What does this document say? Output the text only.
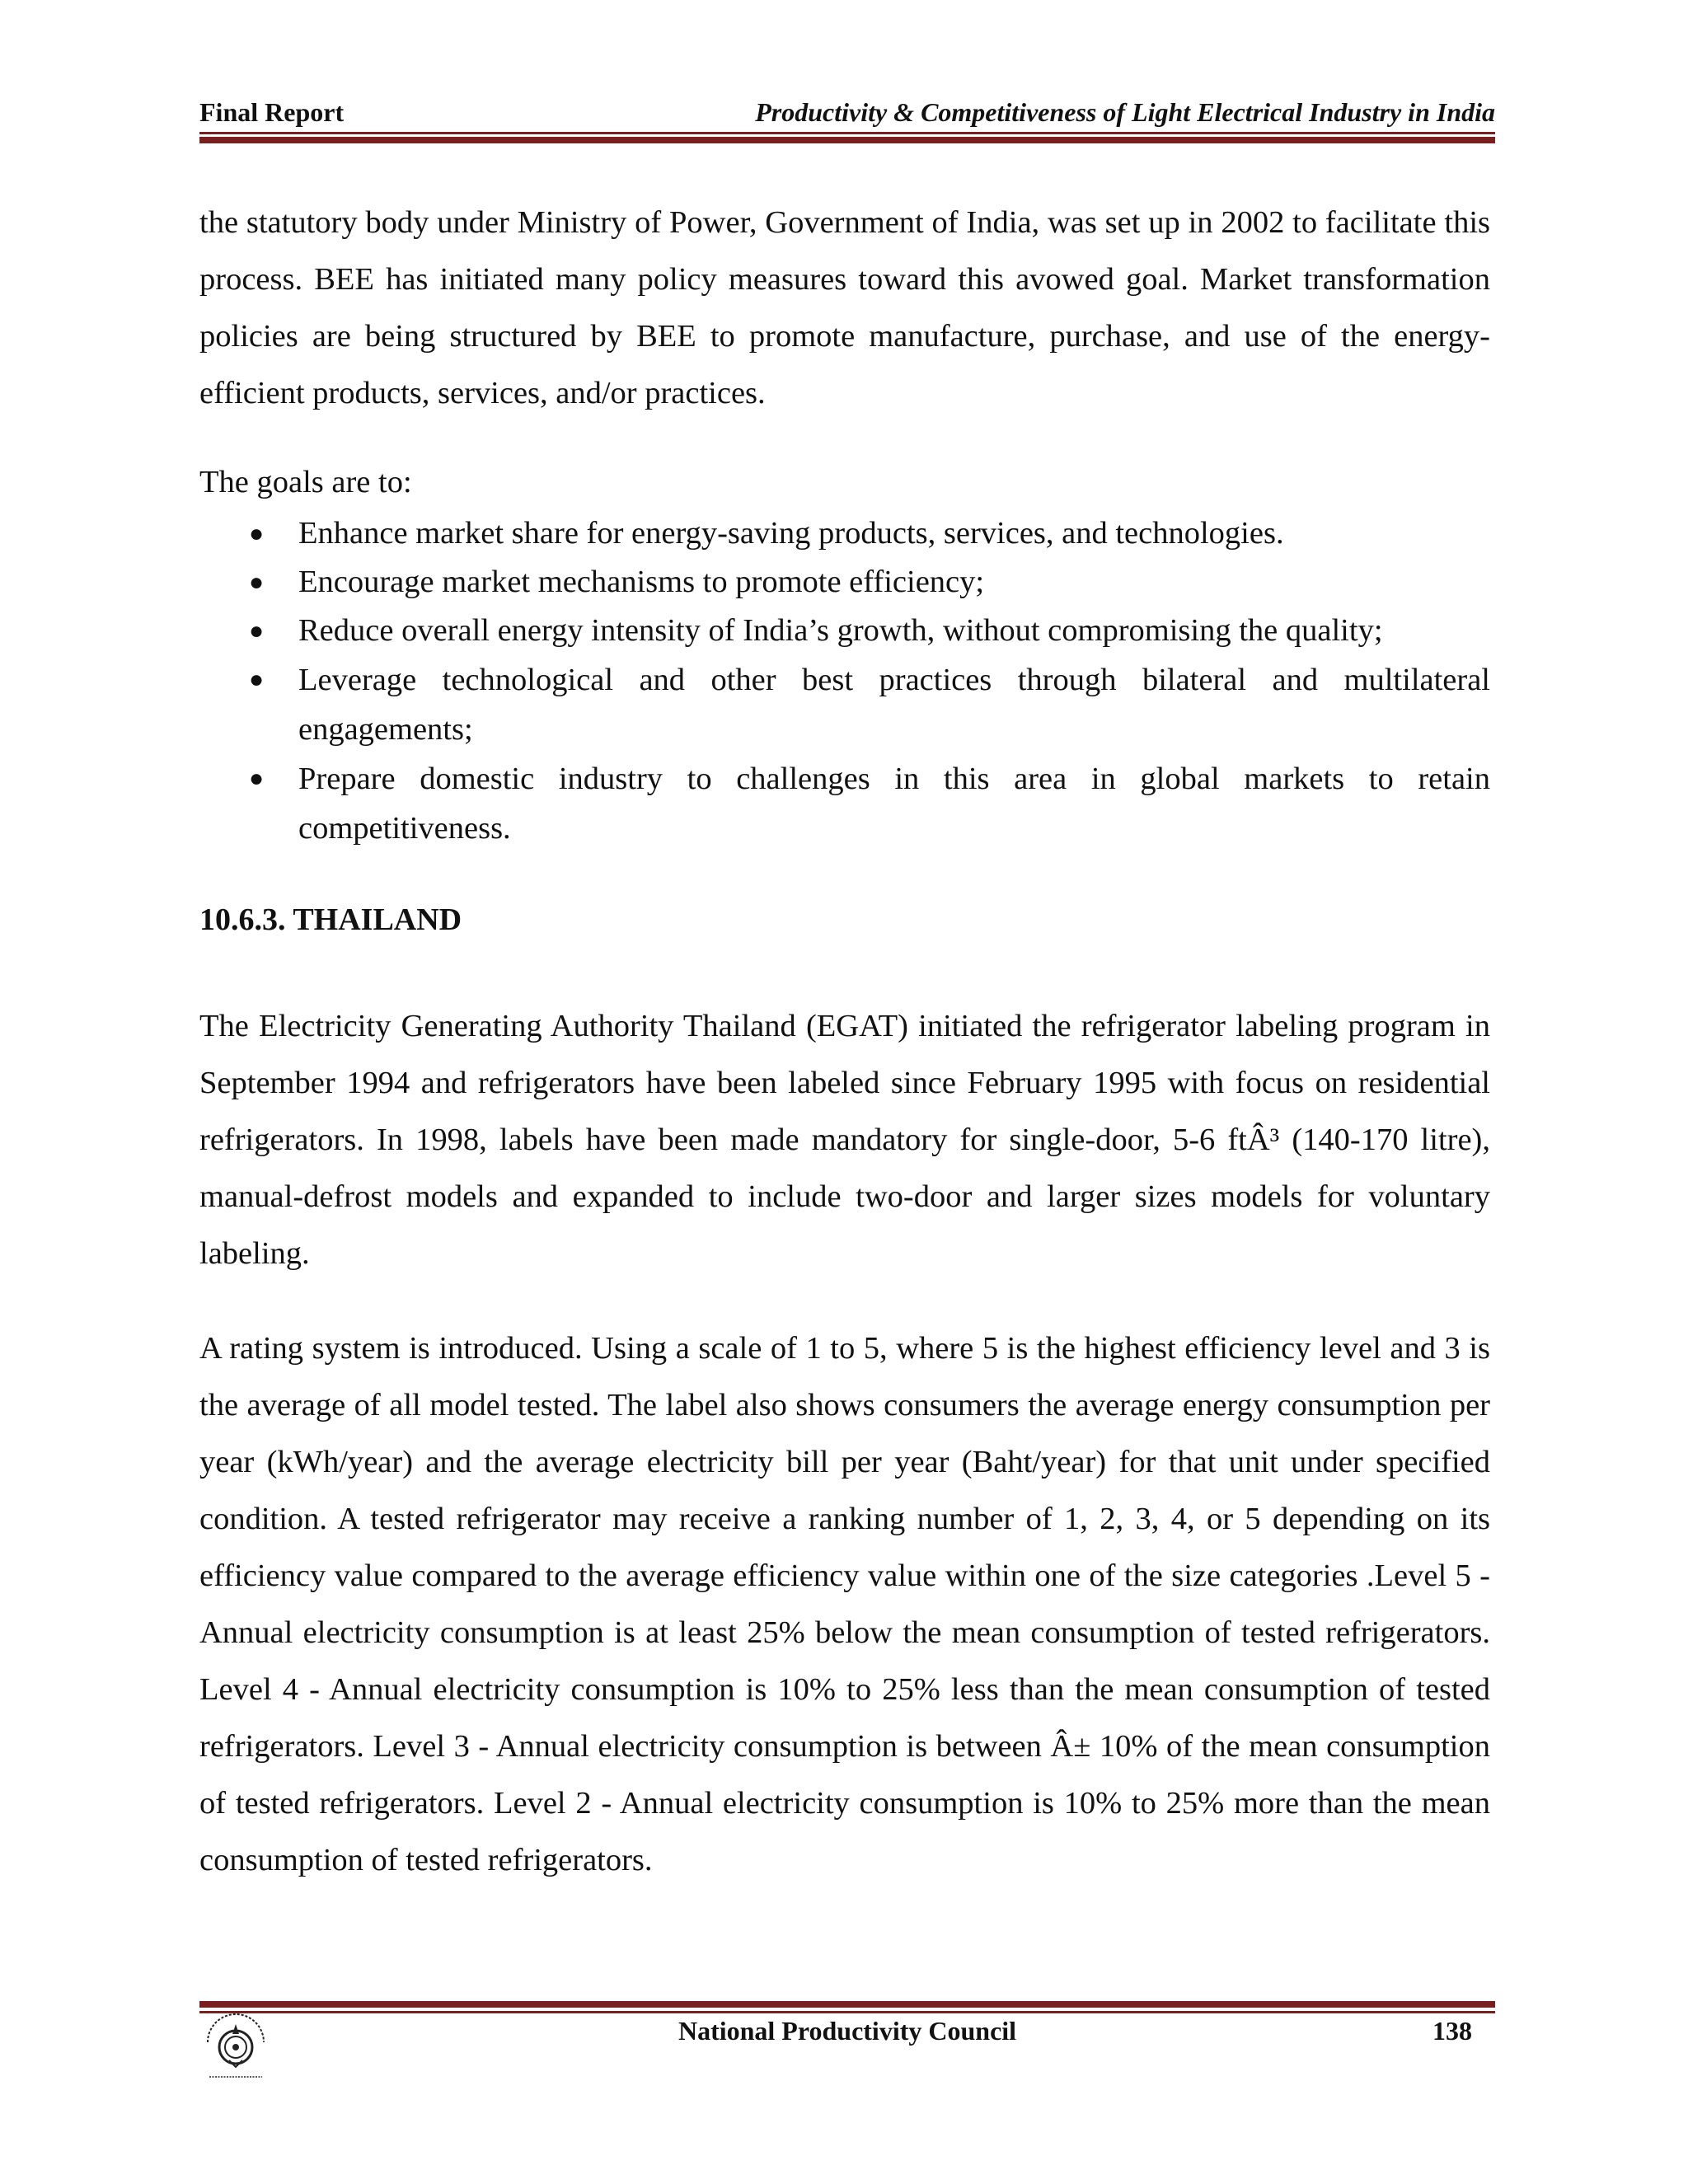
Final Report	Productivity & Competitiveness of Light Electrical Industry in India

the statutory body under Ministry of Power, Government of India, was set up in 2002 to facilitate this process. BEE has initiated many policy measures toward this avowed goal. Market transformation policies are being structured by BEE to promote manufacture, purchase, and use of the energy-efficient products, services, and/or practices.

The goals are to:
● Enhance market share for energy-saving products, services, and technologies.
● Encourage market mechanisms to promote efficiency;
● Reduce overall energy intensity of India’s growth, without compromising the quality;
● Leverage technological and other best practices through bilateral and multilateral engagements;
● Prepare domestic industry to challenges in this area in global markets to retain competitiveness.
10.6.3. THAILAND

The Electricity Generating Authority Thailand (EGAT) initiated the refrigerator labeling program in September 1994 and refrigerators have been labeled since February 1995 with focus on residential refrigerators. In 1998, labels have been made mandatory for single-door, 5-6 ftÂ³ (140-170 litre), manual-defrost models and expanded to include two-door and larger sizes models for voluntary labeling.

A rating system is introduced. Using a scale of 1 to 5, where 5 is the highest efficiency level and 3 is the average of all model tested. The label also shows consumers the average energy consumption per year (kWh/year) and the average electricity bill per year (Baht/year) for that unit under specified condition. A tested refrigerator may receive a ranking number of 1, 2, 3, 4, or 5 depending on its efficiency value compared to the average efficiency value within one of the size categories .Level 5 - Annual electricity consumption is at least 25% below the mean consumption of tested refrigerators. Level 4 - Annual electricity consumption is 10% to 25% less than the mean consumption of tested refrigerators. Level 3 - Annual electricity consumption is between Â± 10% of the mean consumption of tested refrigerators. Level 2 - Annual electricity consumption is 10% to 25% more than the mean consumption of tested refrigerators.

National Productivity Council	138
